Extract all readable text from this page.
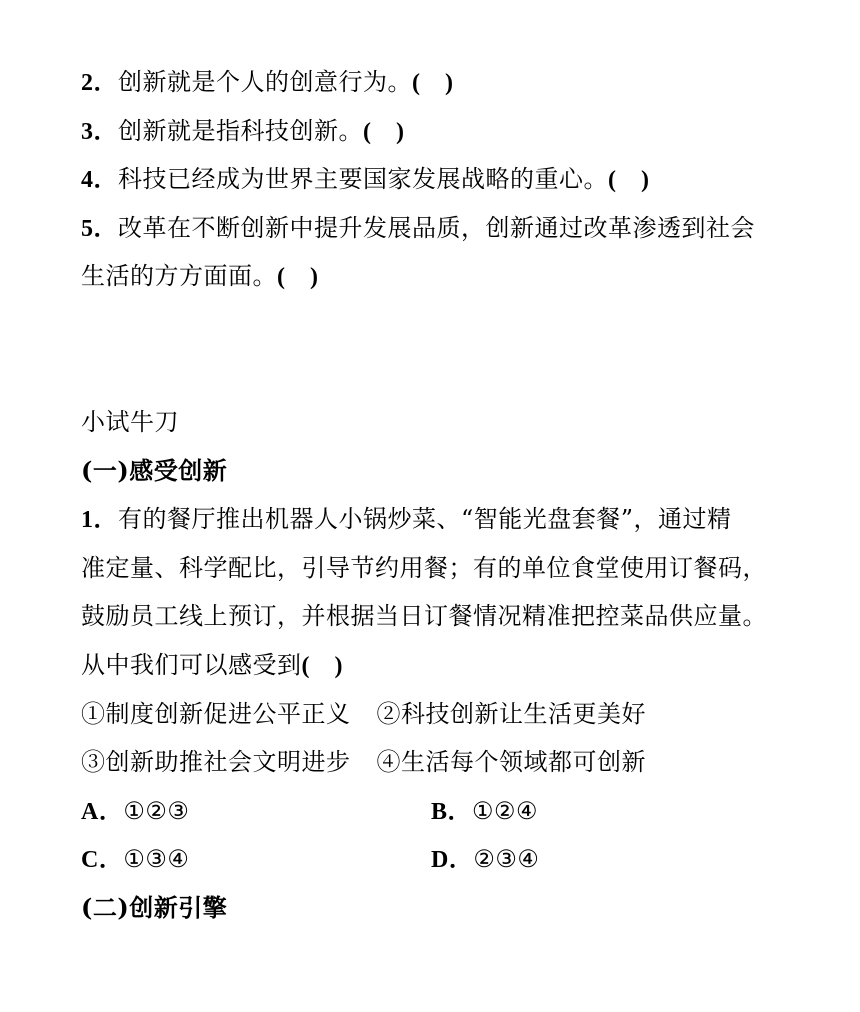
2．创新就是个人的创意行为。(　)
3．创新就是指科技创新。(　)
4．科技已经成为世界主要国家发展战略的重心。(　)
5．改革在不断创新中提升发展品质，创新通过改革渗透到社会
生活的方方面面。(　)
小试牛刀
(一)感受创新
1．有的餐厅推出机器人小锅炒菜、“智能光盘套餐”，通过精
准定量、科学配比，引导节约用餐；有的单位食堂使用订餐码，
鼓励员工线上预订，并根据当日订餐情况精准把控菜品供应量。
从中我们可以感受到(　)
①制度创新促进公平正义 ②科技创新让生活更美好
③创新助推社会文明进步 ④生活每个领域都可创新
A．①②③	B．①②④
C．①③④	D．②③④
(二)创新引擎
